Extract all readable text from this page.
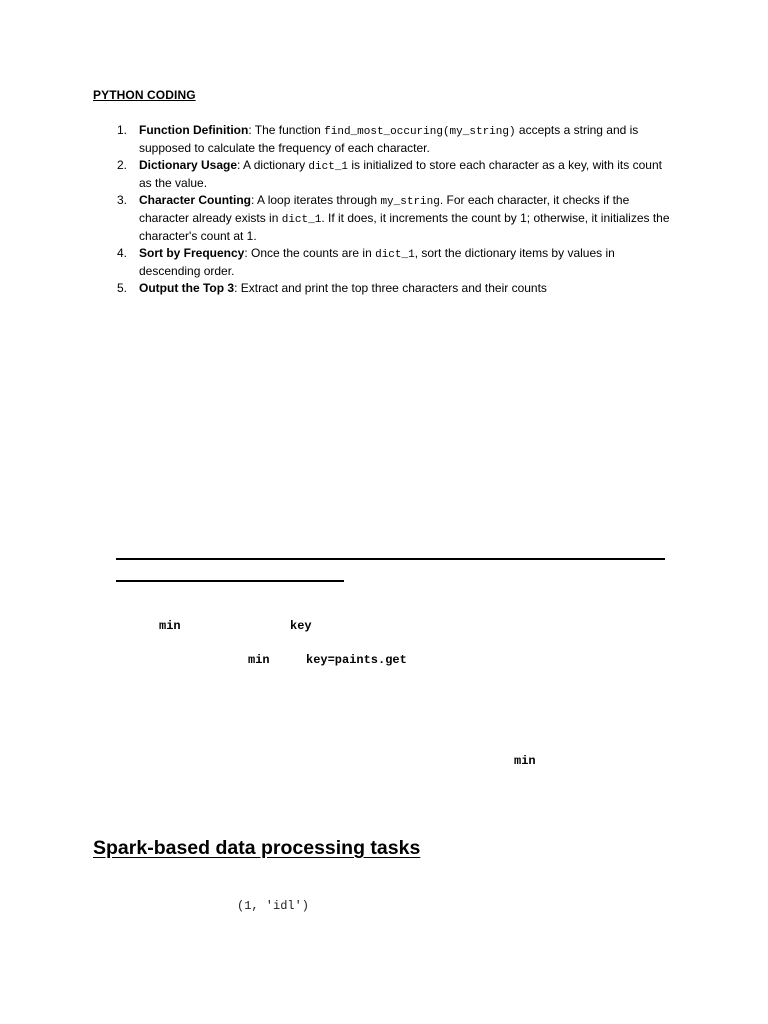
PYTHON CODING
1. Function Definition: The function find_most_occuring(my_string) accepts a string and is supposed to calculate the frequency of each character.
2. Dictionary Usage: A dictionary dict_1 is initialized to store each character as a key, with its count as the value.
3. Character Counting: A loop iterates through my_string. For each character, it checks if the character already exists in dict_1. If it does, it increments the count by 1; otherwise, it initializes the character's count at 1.
4. Sort by Frequency: Once the counts are in dict_1, sort the dictionary items by values in descending order.
5. Output the Top 3: Extract and print the top three characters and their counts
min	key
min	key=paints.get
min
Spark-based data processing tasks
(1, 'idl')
